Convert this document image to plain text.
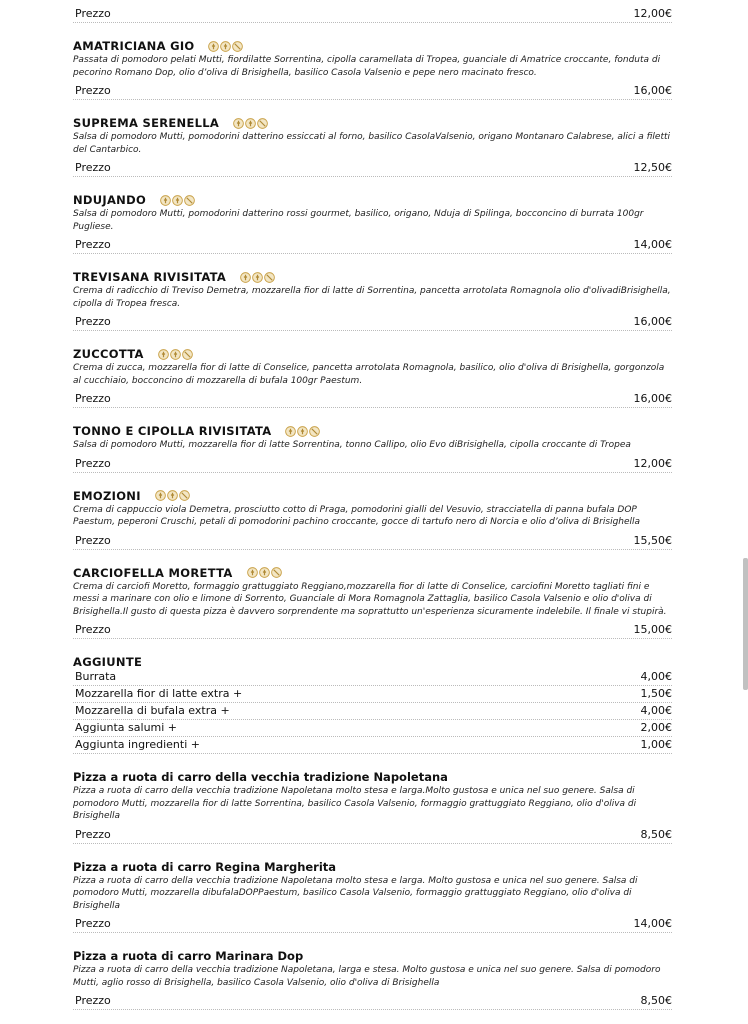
Prezzo	12,00€
AMATRICIANA GIO
Passata di pomodoro pelati Mutti, fiordilatte Sorrentina, cipolla caramellata di Tropea, guanciale di Amatrice croccante, fonduta di pecorino Romano Dop, olio d’oliva di Brisighella, basilico Casola Valsenio e pepe nero macinato fresco.
Prezzo	16,00€
SUPREMA SERENELLA
Salsa di pomodoro Mutti, pomodorini datterino essiccati al forno, basilico CasolaValsenio, origano Montanaro Calabrese, alici a filetti del Cantarbico.
Prezzo	12,50€
NDUJANDO
Salsa di pomodoro Mutti, pomodorini datterino rossi gourmet, basilico, origano, Nduja di Spilinga, bocconcino di burrata 100gr Pugliese.
Prezzo	14,00€
TREVISANA RIVISITATA
Crema di radicchio di Treviso Demetra, mozzarella fior di latte di Sorrentina, pancetta arrotolata Romagnola olio d'olivadiBrisighella, cipolla di Tropea fresca.
Prezzo	16,00€
ZUCCOTTA
Crema di zucca, mozzarella fior di latte di Conselice, pancetta arrotolata Romagnola, basilico, olio d'oliva di Brisighella, gorgonzola al cucchiaio, bocconcino di mozzarella di bufala 100gr Paestum.
Prezzo	16,00€
TONNO E CIPOLLA RIVISITATA
Salsa di pomodoro Mutti, mozzarella fior di latte Sorrentina, tonno Callipo, olio Evo diBrisighella, cipolla croccante di Tropea
Prezzo	12,00€
EMOZIONI
Crema di cappuccio viola Demetra, prosciutto cotto di Praga, pomodorini gialli del Vesuvio, stracciatella di panna bufala DOP Paestum, peperoni Cruschi, petali di pomodorini pachino croccante, gocce di tartufo nero di Norcia e olio d’oliva di Brisighella
Prezzo	15,50€
CARCIOFELLA MORETTA
Crema di carciofi Moretto, formaggio grattuggiato Reggiano,mozzarella fior di latte di Conselice, carciofini Moretto tagliati fini e messi a marinare con olio e limone di Sorrento, Guanciale di Mora Romagnola Zattaglia, basilico Casola Valsenio e olio d'oliva di Brisighella.Il gusto di questa pizza è davvero sorprendente ma soprattutto un'esperienza sicuramente indelebile. Il finale vi stupirà.
Prezzo	15,00€
AGGIUNTE
Burrata	4,00€
Mozzarella fior di latte extra +	1,50€
Mozzarella di bufala extra +	4,00€
Aggiunta salumi +	2,00€
Aggiunta ingredienti +	1,00€
Pizza a ruota di carro della vecchia tradizione Napoletana
Pizza a ruota di carro della vecchia tradizione Napoletana molto stesa e larga.Molto gustosa e unica nel suo genere. Salsa di pomodoro Mutti, mozzarella fior di latte Sorrentina, basilico Casola Valsenio, formaggio grattuggiato Reggiano, olio d'oliva di Brisighella
Prezzo	8,50€
Pizza a ruota di carro Regina Margherita
Pizza a ruota di carro della vecchia tradizione Napoletana molto stesa e larga. Molto gustosa e unica nel suo genere. Salsa di pomodoro Mutti, mozzarella dibufalaDOPPaestum, basilico Casola Valsenio, formaggio grattuggiato Reggiano, olio d'oliva di Brisighella
Prezzo	14,00€
Pizza a ruota di carro Marinara Dop
Pizza a ruota di carro della vecchia tradizione Napoletana, larga e stesa. Molto gustosa e unica nel suo genere. Salsa di pomodoro Mutti, aglio rosso di Brisighella, basilico Casola Valsenio, olio d'oliva di Brisighella
Prezzo	8,50€
